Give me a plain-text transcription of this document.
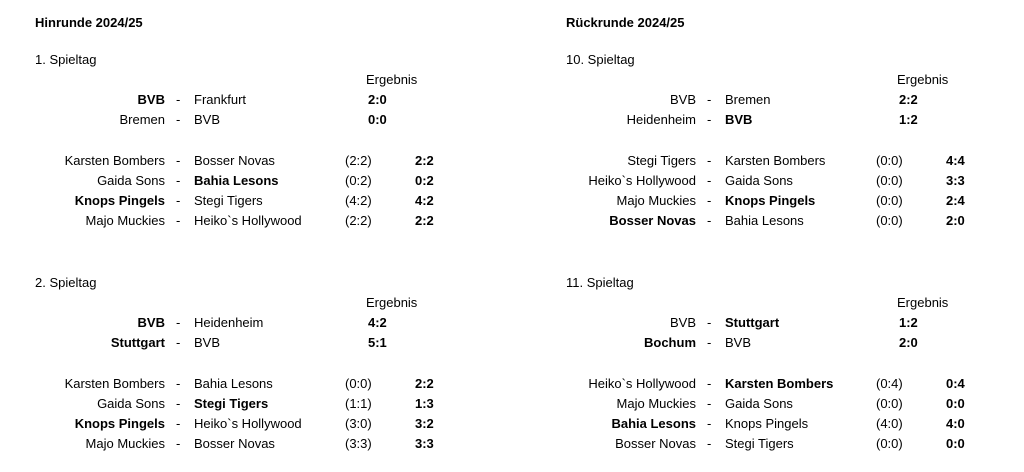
Hinrunde 2024/25
1. Spieltag
Ergebnis
BVB - Frankfurt	2:0
Bremen - BVB	0:0
Karsten Bombers - Bosser Novas	(2:2)	2:2
Gaida Sons - Bahia Lesons	(0:2)	0:2
Knops Pingels - Stegi Tigers	(4:2)	4:2
Majo Muckies - Heiko`s Hollywood	(2:2)	2:2
2. Spieltag
Ergebnis
BVB - Heidenheim	4:2
Stuttgart - BVB	5:1
Karsten Bombers - Bahia Lesons	(0:0)	2:2
Gaida Sons - Stegi Tigers	(1:1)	1:3
Knops Pingels - Heiko`s Hollywood	(3:0)	3:2
Majo Muckies - Bosser Novas	(3:3)	3:3
Rückrunde 2024/25
10. Spieltag
Ergebnis
BVB - Bremen	2:2
Heidenheim - BVB	1:2
Stegi Tigers - Karsten Bombers	(0:0)	4:4
Heiko`s Hollywood - Gaida Sons	(0:0)	3:3
Majo Muckies - Knops Pingels	(0:0)	2:4
Bosser Novas - Bahia Lesons	(0:0)	2:0
11. Spieltag
Ergebnis
BVB - Stuttgart	1:2
Bochum - BVB	2:0
Heiko`s Hollywood - Karsten Bombers	(0:4)	0:4
Majo Muckies - Gaida Sons	(0:0)	0:0
Bahia Lesons - Knops Pingels	(4:0)	4:0
Bosser Novas - Stegi Tigers	(0:0)	0:0
